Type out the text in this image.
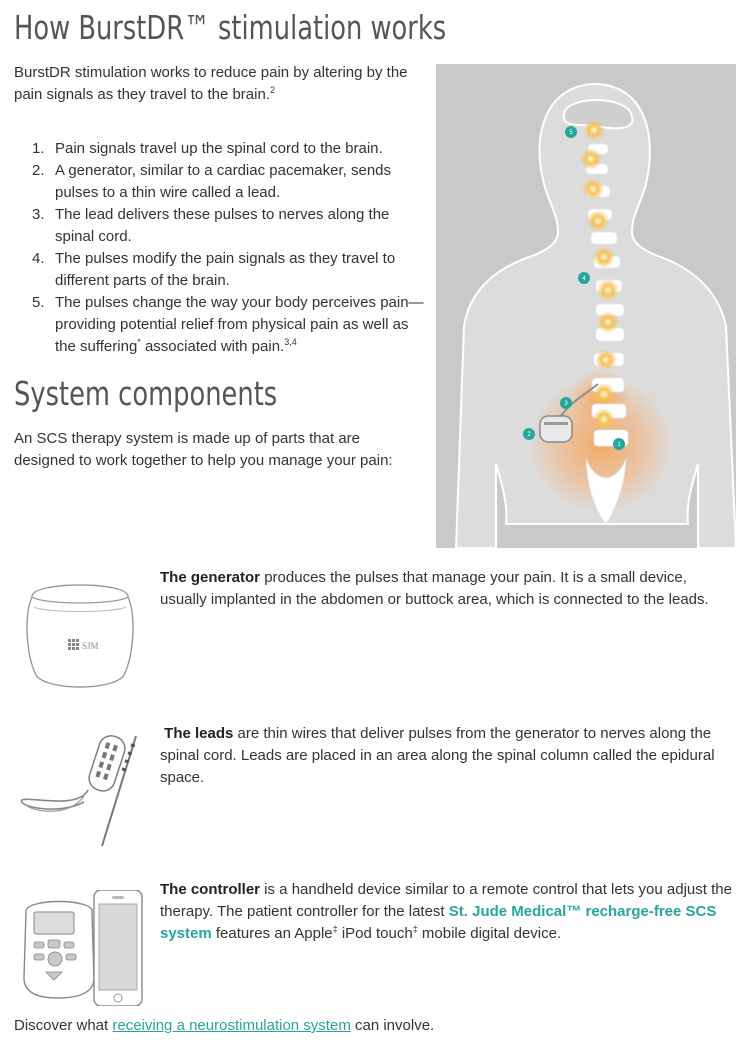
How BurstDR™ stimulation works

BurstDR stimulation works to reduce pain by altering by the pain signals as they travel to the brain.$^2$

1. Pain signals travel up the spinal cord to the brain.
2. A generator, similar to a cardiac pacemaker, sends pulses to a thin wire called a lead.
3. The lead delivers these pulses to nerves along the spinal cord.
4. The pulses modify the pain signals as they travel to different parts of the brain.
5. The pulses change the way your body perceives pain—providing potential relief from physical pain as well as the suffering* associated with pain.$^{3,4}$
System components

An SCS therapy system is made up of parts that are designed to work together to help you manage your pain:

1
2
3
4
5
SJM

The generator produces the pulses that manage your pain. It is a small device, usually implanted in the abdomen or buttock area, which is connected to the leads.

The leads are thin wires that deliver pulses from the generator to nerves along the spinal cord. Leads are placed in an area along the spinal column called the epidural space.

The controller is a handheld device similar to a remote control that lets you adjust the therapy. The patient controller for the latest St. Jude Medical™ recharge-free SCS system features an Apple‡ iPod touch‡ mobile digital device.

Discover what receiving a neurostimulation system can involve.
